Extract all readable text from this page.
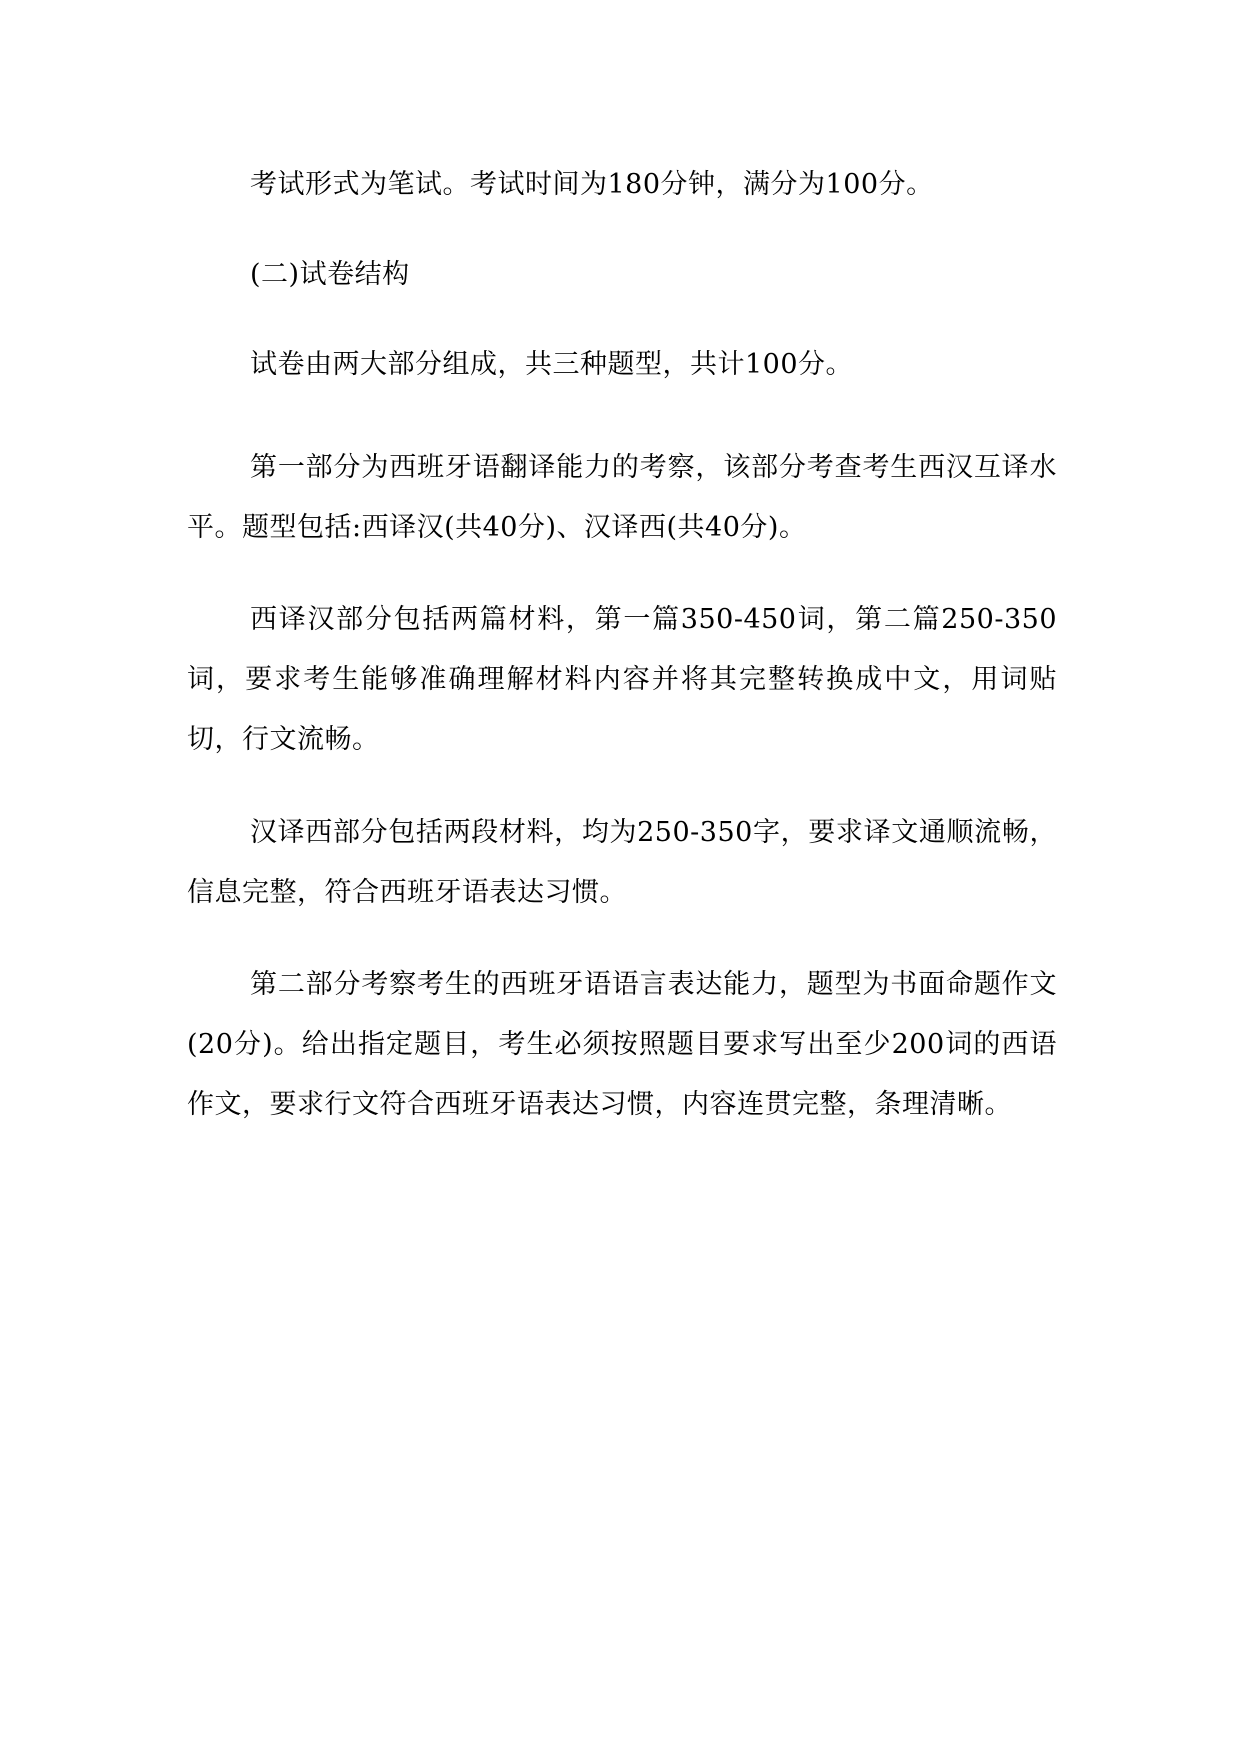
考试形式为笔试。考试时间为180分钟，满分为100分。

(二)试卷结构

试卷由两大部分组成，共三种题型，共计100分。

第一部分为西班牙语翻译能力的考察，该部分考查考生西汉互译水平。题型包括:西译汉(共40分)、汉译西(共40分)。

西译汉部分包括两篇材料，第一篇350-450词，第二篇250-350词，要求考生能够准确理解材料内容并将其完整转换成中文，用词贴切，行文流畅。

汉译西部分包括两段材料，均为250-350字，要求译文通顺流畅，信息完整，符合西班牙语表达习惯。

第二部分考察考生的西班牙语语言表达能力，题型为书面命题作文(20分)。给出指定题目，考生必须按照题目要求写出至少200词的西语作文，要求行文符合西班牙语表达习惯，内容连贯完整，条理清晰。
